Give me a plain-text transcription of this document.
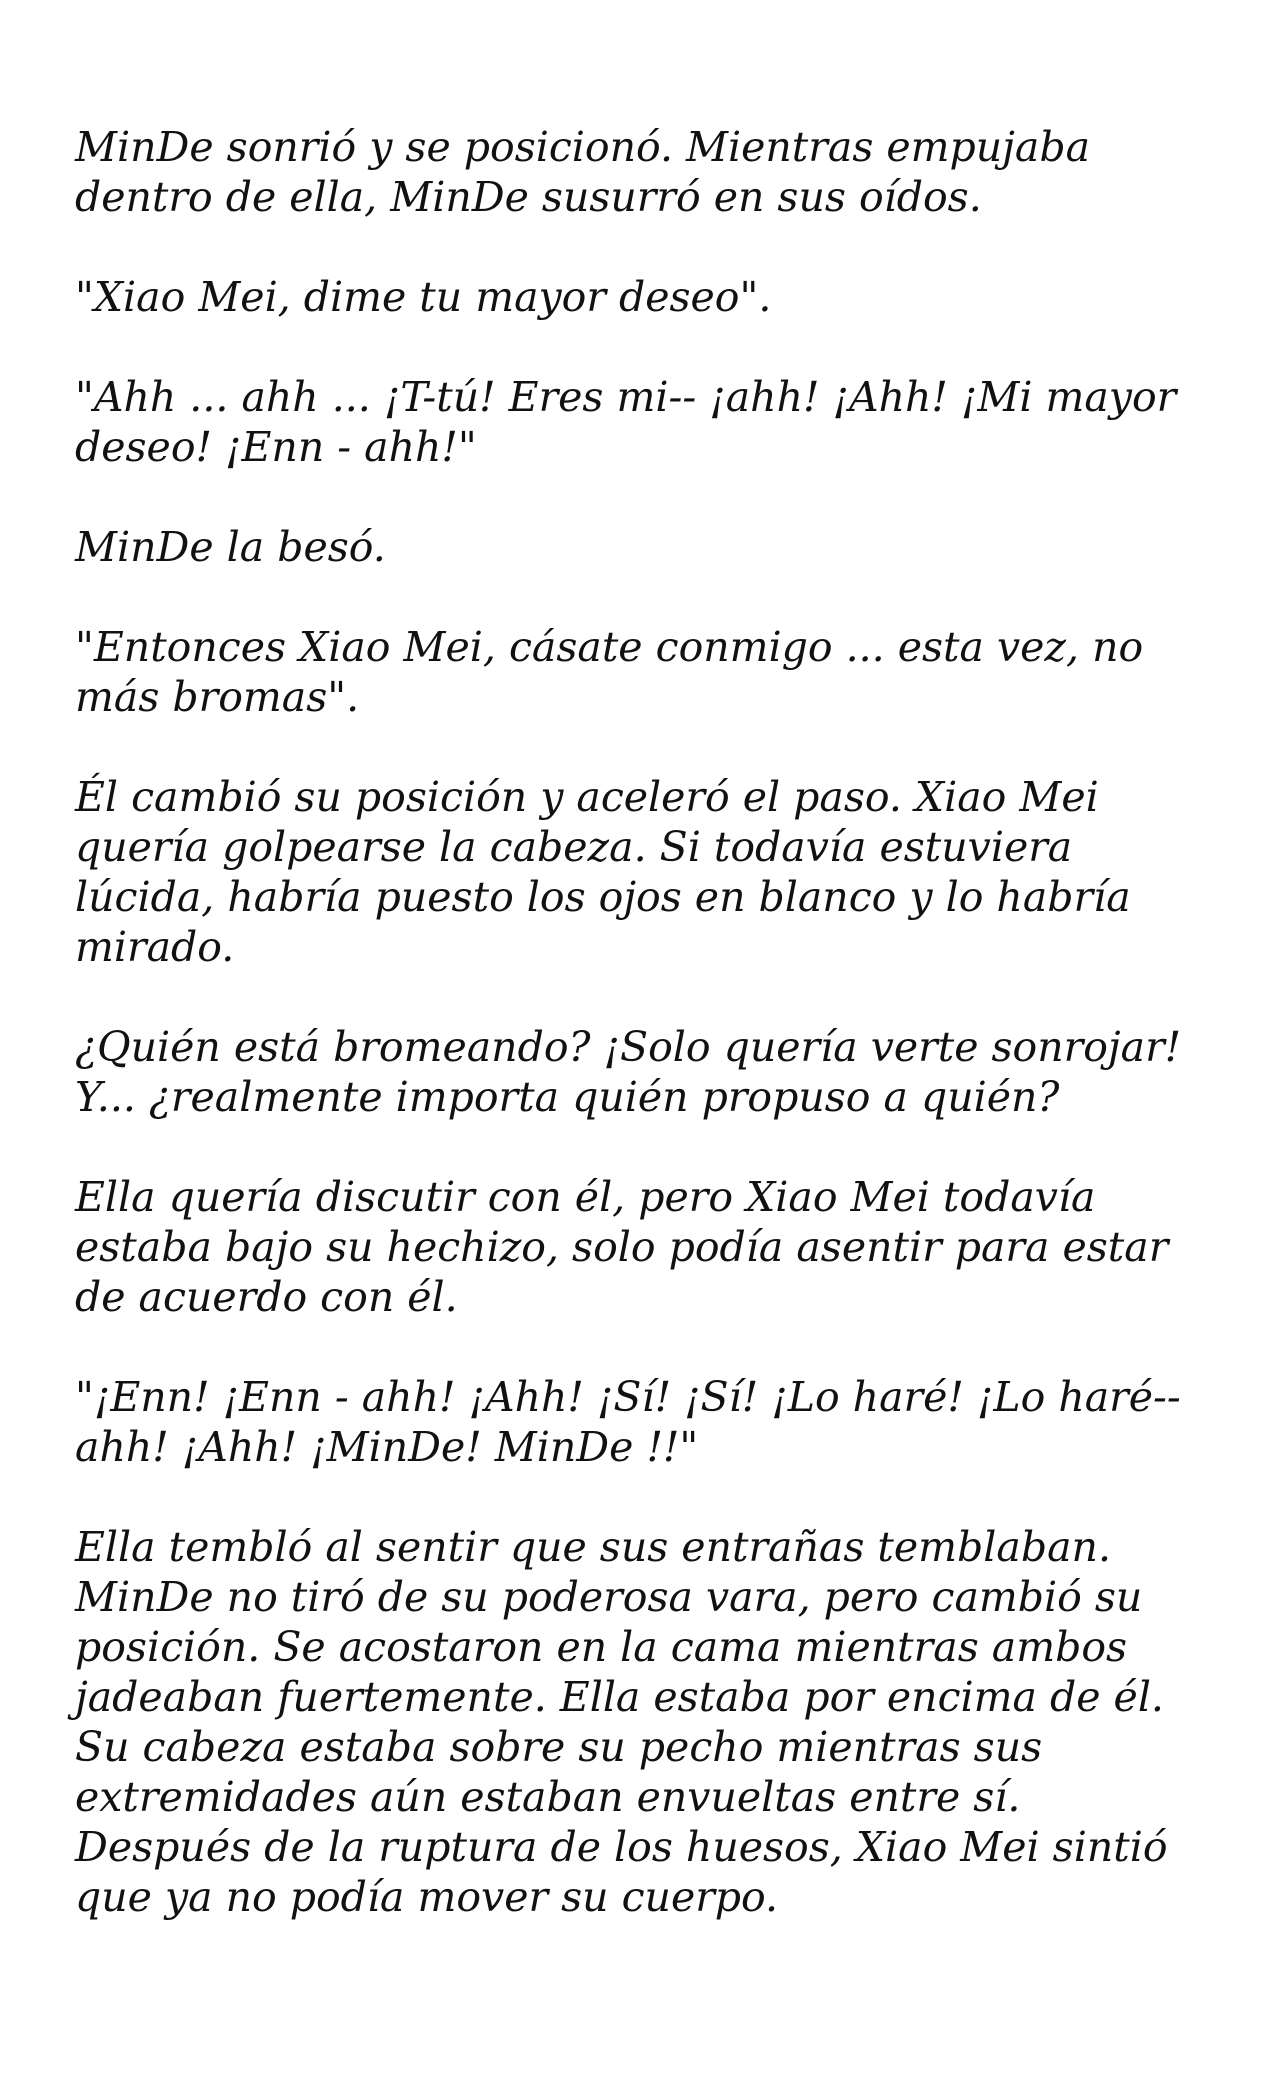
MinDe sonrió y se posicionó. Mientras empujaba dentro de ella, MinDe susurró en sus oídos.

"Xiao Mei, dime tu mayor deseo".

"Ahh ... ahh ... ¡T-tú! Eres mi-- ¡ahh! ¡Ahh! ¡Mi mayor deseo! ¡Enn - ahh!"

MinDe la besó.

"Entonces Xiao Mei, cásate conmigo ... esta vez, no más bromas".

Él cambió su posición y aceleró el paso. Xiao Mei quería golpearse la cabeza. Si todavía estuviera lúcida, habría puesto los ojos en blanco y lo habría mirado.

¿Quién está bromeando? ¡Solo quería verte sonrojar! Y... ¿realmente importa quién propuso a quién?

Ella quería discutir con él, pero Xiao Mei todavía estaba bajo su hechizo, solo podía asentir para estar de acuerdo con él.

"¡Enn! ¡Enn - ahh! ¡Ahh! ¡Sí! ¡Sí! ¡Lo haré! ¡Lo haré-- ahh! ¡Ahh! ¡MinDe! MinDe !!"

Ella tembló al sentir que sus entrañas temblaban. MinDe no tiró de su poderosa vara, pero cambió su posición. Se acostaron en la cama mientras ambos jadeaban fuertemente. Ella estaba por encima de él. Su cabeza estaba sobre su pecho mientras sus extremidades aún estaban envueltas entre sí. Después de la ruptura de los huesos, Xiao Mei sintió que ya no podía mover su cuerpo.
